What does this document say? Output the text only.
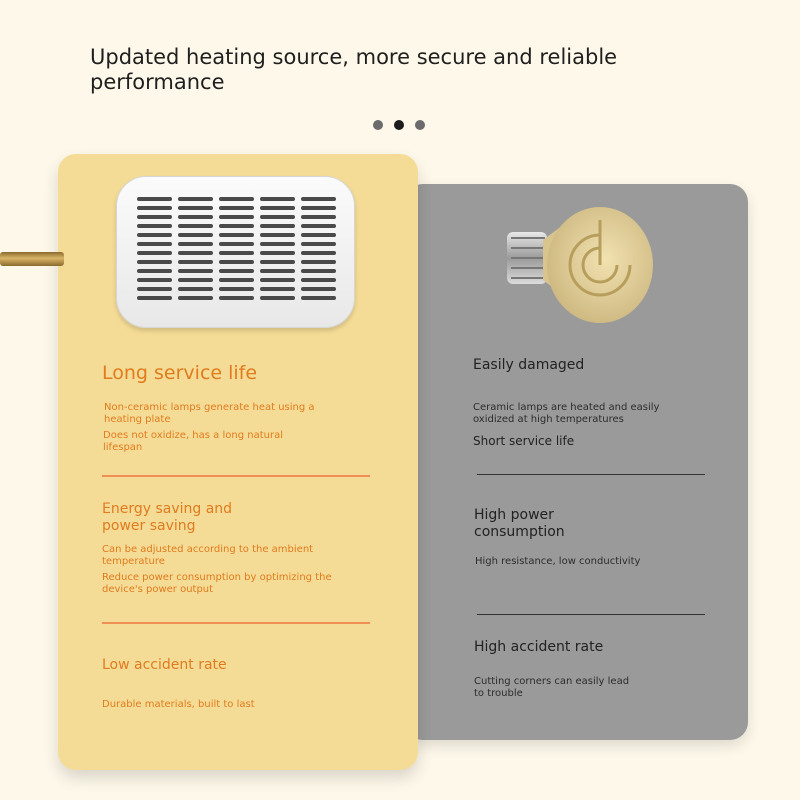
Updated heating source, more secure and reliable performance
Easily damaged
Ceramic lamps are heated and easily oxidized at high temperatures
Short service life
High power consumption
High resistance, low conductivity
High accident rate
Cutting corners can easily lead to trouble
Long service life
Non-ceramic lamps generate heat using a heating plate
Does not oxidize, has a long natural lifespan
Energy saving and power saving
Can be adjusted according to the ambient temperature
Reduce power consumption by optimizing the device's power output
Low accident rate
Durable materials, built to last
